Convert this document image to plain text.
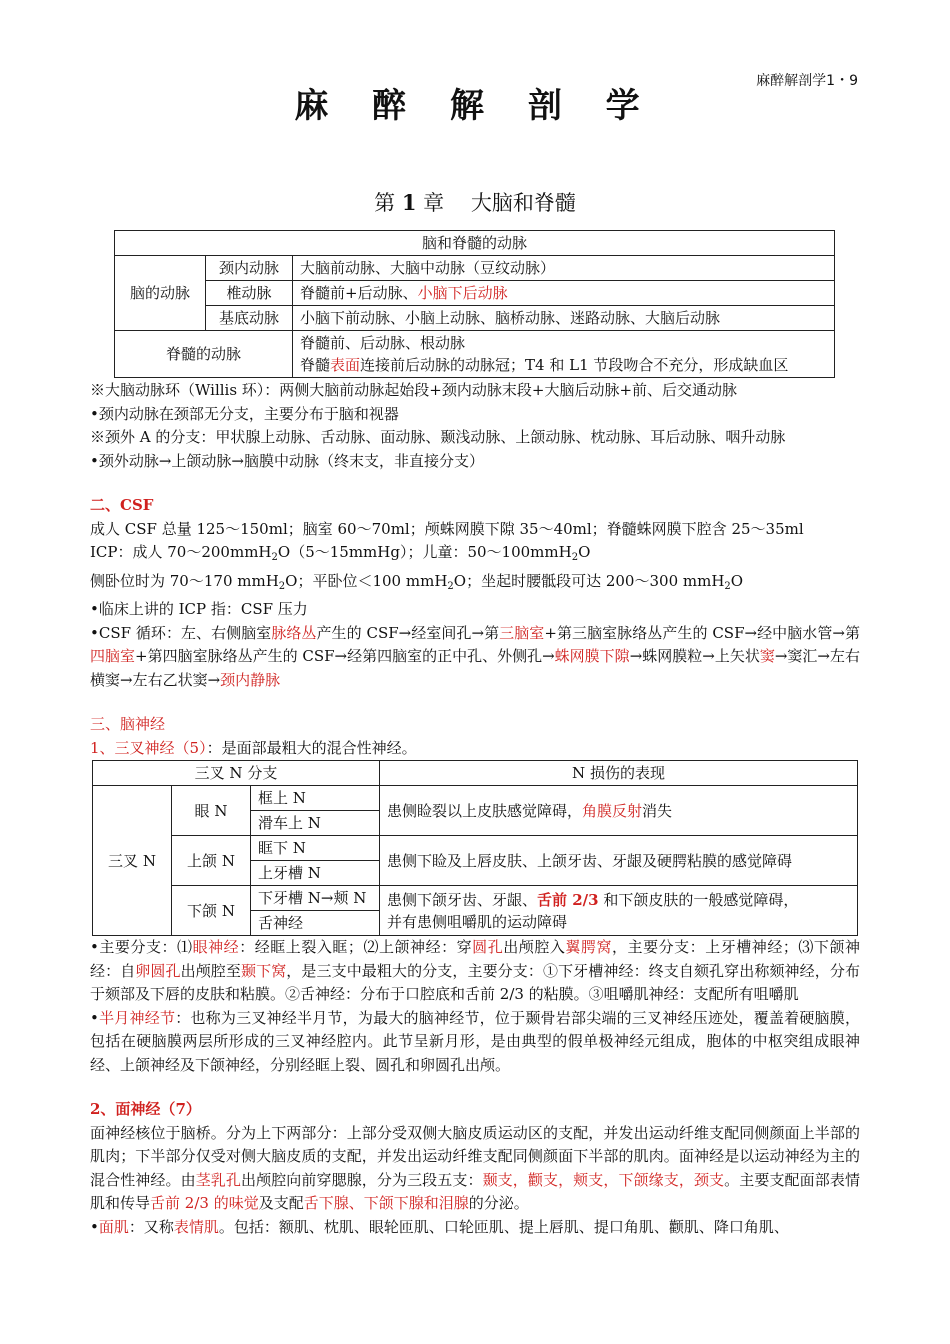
麻醉解剖学1・9
麻 醉 解 剖 学
第 1 章 大脑和脊髓
脑和脊髓的动脉		
脑的动脉	颈内动脉	大脑前动脉、大脑中动脉（豆纹动脉）
	椎动脉	脊髓前+后动脉、小脑下后动脉
	基底动脉	小脑下前动脉、小脑上动脉、脑桥动脉、迷路动脉、大脑后动脉
脊髓的动脉		脊髓前、后动脉、根动脉
脊髓表面连接前后动脉的动脉冠；T4 和 L1 节段吻合不充分，形成缺血区

※大脑动脉环（Willis 环）：两侧大脑前动脉起始段+颈内动脉末段+大脑后动脉+前、后交通动脉

•颈内动脉在颈部无分支，主要分布于脑和视器

※颈外 A 的分支：甲状腺上动脉、舌动脉、面动脉、颞浅动脉、上颌动脉、枕动脉、耳后动脉、咽升动脉

•颈外动脉→上颌动脉→脑膜中动脉（终末支，非直接分支）

二、CSF

成人 CSF 总量 125～150ml；脑室 60～70ml；颅蛛网膜下隙 35～40ml；脊髓蛛网膜下腔含 25～35ml

ICP：成人 70～200mmH$_2$O（5～15mmHg）；儿童：50～100mmH$_2$O

侧卧位时为 70～170 mmH$_2$O；平卧位＜100 mmH$_2$O；坐起时腰骶段可达 200～300 mmH$_2$O

•临床上讲的 ICP 指：CSF 压力

•CSF 循环：左、右侧脑室脉络丛产生的 CSF→经室间孔→第三脑室+第三脑室脉络丛产生的 CSF→经中脑水管→第四脑室+第四脑室脉络丛产生的 CSF→经第四脑室的正中孔、外侧孔→蛛网膜下隙→蛛网膜粒→上矢状窦→窦汇→左右横窦→左右乙状窦→颈内静脉

三、脑神经

1、三叉神经（5）：是面部最粗大的混合性神经。

三叉 N 分支			N 损伤的表现
三叉 N	眼 N	框上 N	患侧睑裂以上皮肤感觉障碍，角膜反射消失
		滑车上 N	
	上颌 N	眶下 N	患侧下睑及上唇皮肤、上颌牙齿、牙龈及硬腭粘膜的感觉障碍
		上牙槽 N	
	下颌 N	下牙槽 N→颊 N	患侧下颌牙齿、牙龈、舌前 2/3 和下颌皮肤的一般感觉障碍，
并有患侧咀嚼肌的运动障碍

		舌神经	

•主要分支：⑴眼神经：经眶上裂入眶；⑵上颌神经：穿圆孔出颅腔入翼腭窝，主要分支：上牙槽神经；⑶下颌神经：自卵圆孔出颅腔至颞下窝，是三支中最粗大的分支，主要分支：①下牙槽神经：终支自颏孔穿出称颏神经，分布于颏部及下唇的皮肤和粘膜。②舌神经：分布于口腔底和舌前 2/3 的粘膜。③咀嚼肌神经：支配所有咀嚼肌

•半月神经节：也称为三叉神经半月节，为最大的脑神经节，位于颞骨岩部尖端的三叉神经压迹处，覆盖着硬脑膜，包括在硬脑膜两层所形成的三叉神经腔内。此节呈新月形，是由典型的假单极神经元组成，胞体的中枢突组成眼神经、上颌神经及下颌神经，分别经眶上裂、圆孔和卵圆孔出颅。

2、面神经（7）

面神经核位于脑桥。分为上下两部分：上部分受双侧大脑皮质运动区的支配，并发出运动纤维支配同侧颜面上半部的肌肉；下半部分仅受对侧大脑皮质的支配，并发出运动纤维支配同侧颜面下半部的肌肉。面神经是以运动神经为主的混合性神经。由茎乳孔出颅腔向前穿腮腺，分为三段五支：颞支，颧支，颊支，下颌缘支，颈支。主要支配面部表情肌和传导舌前 2/3 的味觉及支配舌下腺、下颌下腺和泪腺的分泌。

•面肌：又称表情肌。包括：额肌、枕肌、眼轮匝肌、口轮匝肌、提上唇肌、提口角肌、颧肌、降口角肌、
